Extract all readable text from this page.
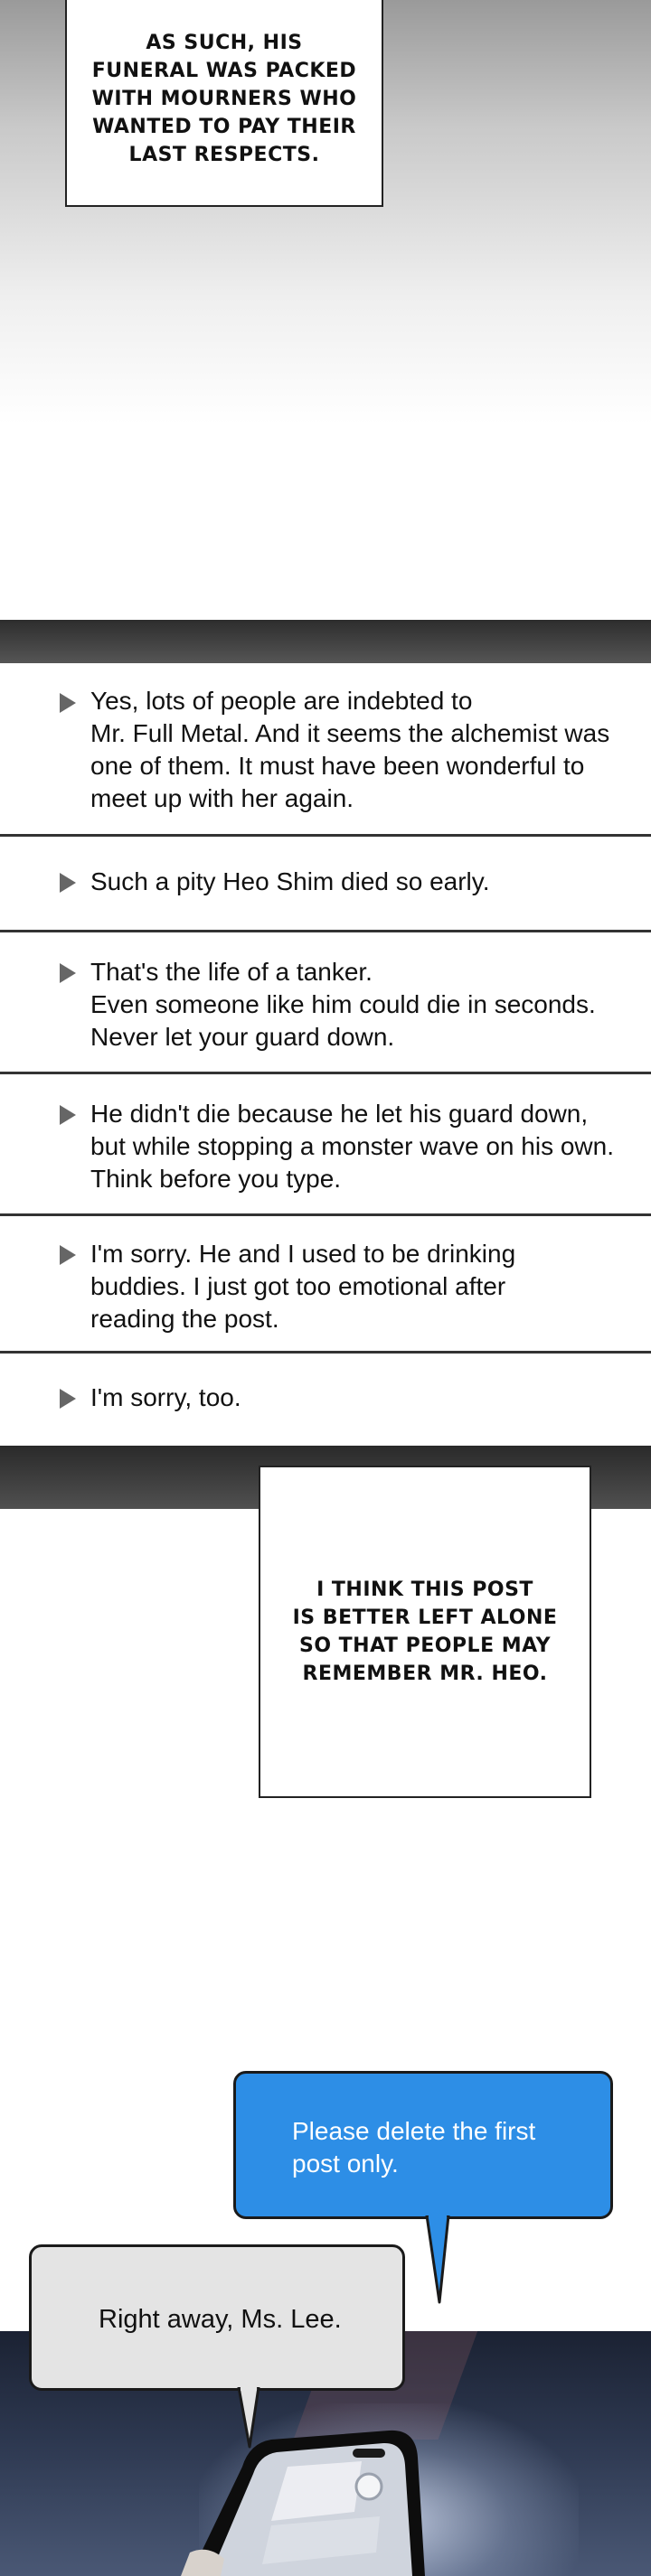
AS SUCH, HIS
FUNERAL WAS PACKED
WITH MOURNERS WHO
WANTED TO PAY THEIR
LAST RESPECTS.
Yes, lots of people are indebted to
Mr. Full Metal. And it seems the alchemist was
one of them. It must have been wonderful to
meet up with her again.
Such a pity Heo Shim died so early.
That's the life of a tanker.
Even someone like him could die in seconds.
Never let your guard down.
He didn't die because he let his guard down,
but while stopping a monster wave on his own.
Think before you type.
I'm sorry. He and I used to be drinking
buddies. I just got too emotional after
reading the post.
I'm sorry, too.
I THINK THIS POST
IS BETTER LEFT ALONE
SO THAT PEOPLE MAY
REMEMBER MR. HEO.
Please delete the first
post only.
Right away, Ms. Lee.
